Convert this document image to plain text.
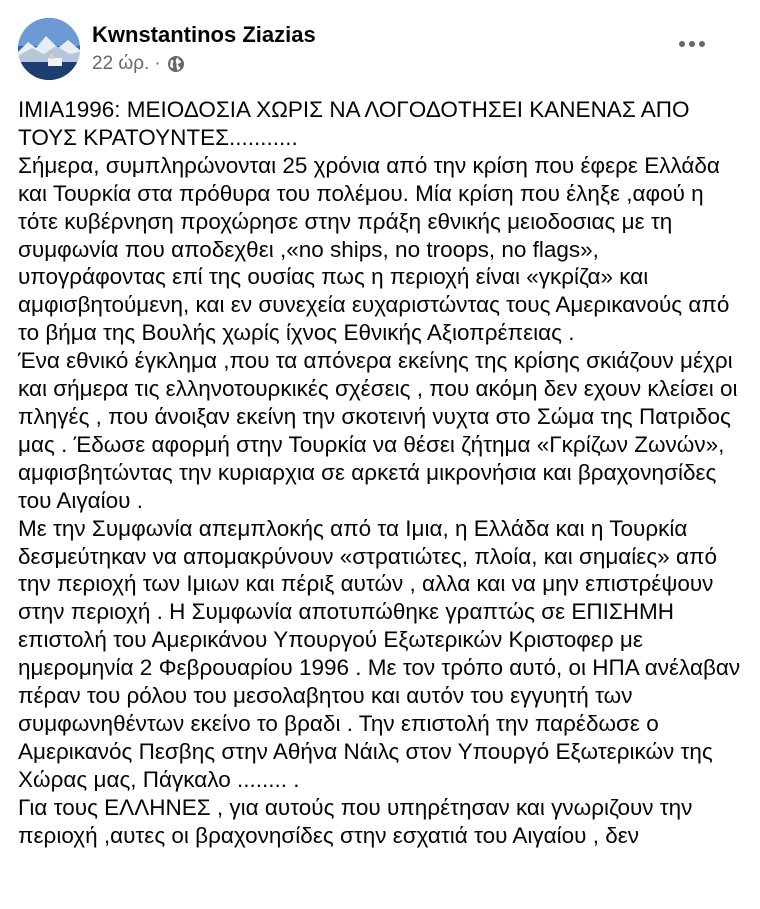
Kwnstantinos Ziazias
22 ώρ. ·
ΙΜΙΑ1996: ΜΕΙΟΔΟΣΙΑ ΧΩΡΙΣ ΝΑ ΛΟΓΟΔΟΤΗΣΕΙ ΚΑΝΕΝΑΣ ΑΠΟ ΤΟΥΣ ΚΡΑΤΟΥΝΤΕΣ...........
Σήμερα, συμπληρώνονται 25 χρόνια από την κρίση που έφερε Ελλάδα και Τουρκία στα πρόθυρα του πολέμου. Μία κρίση που έληξε ,αφού η τότε κυβέρνηση προχώρησε στην πράξη εθνικής μειοδοσιας με τη συμφωνία που αποδεχθει ,«no ships, no troops, no flags», υπογράφοντας επί της ουσίας πως η περιοχή είναι «γκρίζα» και αμφισβητούμενη, και εν συνεχεία ευχαριστώντας τους Αμερικανούς από το βήμα της Βουλής χωρίς ίχνος Εθνικής Αξιοπρέπειας .
Ένα εθνικό έγκλημα ,που τα απόνερα εκείνης της κρίσης σκιάζουν μέχρι και σήμερα τις ελληνοτουρκικές σχέσεις , που ακόμη δεν εχουν κλείσει οι πληγές , που άνοιξαν εκείνη την σκοτεινή νυχτα στο Σώμα της Πατριδος μας . Έδωσε αφορμή στην Τουρκία να θέσει ζήτημα «Γκρίζων Ζωνών», αμφισβητώντας την κυριαρχια σε αρκετά μικρονήσια και βραχονησίδες του Αιγαίου .
Με την Συμφωνία απεμπλοκής από τα Ιμια, η Ελλάδα και η Τουρκία δεσμεύτηκαν να απομακρύνουν «στρατιώτες, πλοία, και σημαίες» από την περιοχή των Ιμιων και πέριξ αυτών , αλλα και να μην επιστρέψουν στην περιοχή . Η Συμφωνία αποτυπώθηκε γραπτώς σε ΕΠΙΣΗΜΗ επιστολή του Αμερικάνου Υπουργού Εξωτερικών Κριστοφερ με ημερομηνία 2 Φεβρουαρίου 1996 . Με τον τρόπο αυτό, οι ΗΠΑ ανέλαβαν πέραν του ρόλου του μεσολαβητου και αυτόν του εγγυητή των συμφωνηθέντων εκείνο το βραδι . Την επιστολή την παρέδωσε ο Αμερικανός Πεσβης στην Αθήνα Νάιλς στον Υπουργό Εξωτερικών της Χώρας μας, Πάγκαλο ........ .
Για τους ΕΛΛΗΝΕΣ , για αυτούς που υπηρέτησαν και γνωριζουν την περιοχή ,αυτες οι βραχονησίδες στην εσχατιά του Αιγαίου , δεν
